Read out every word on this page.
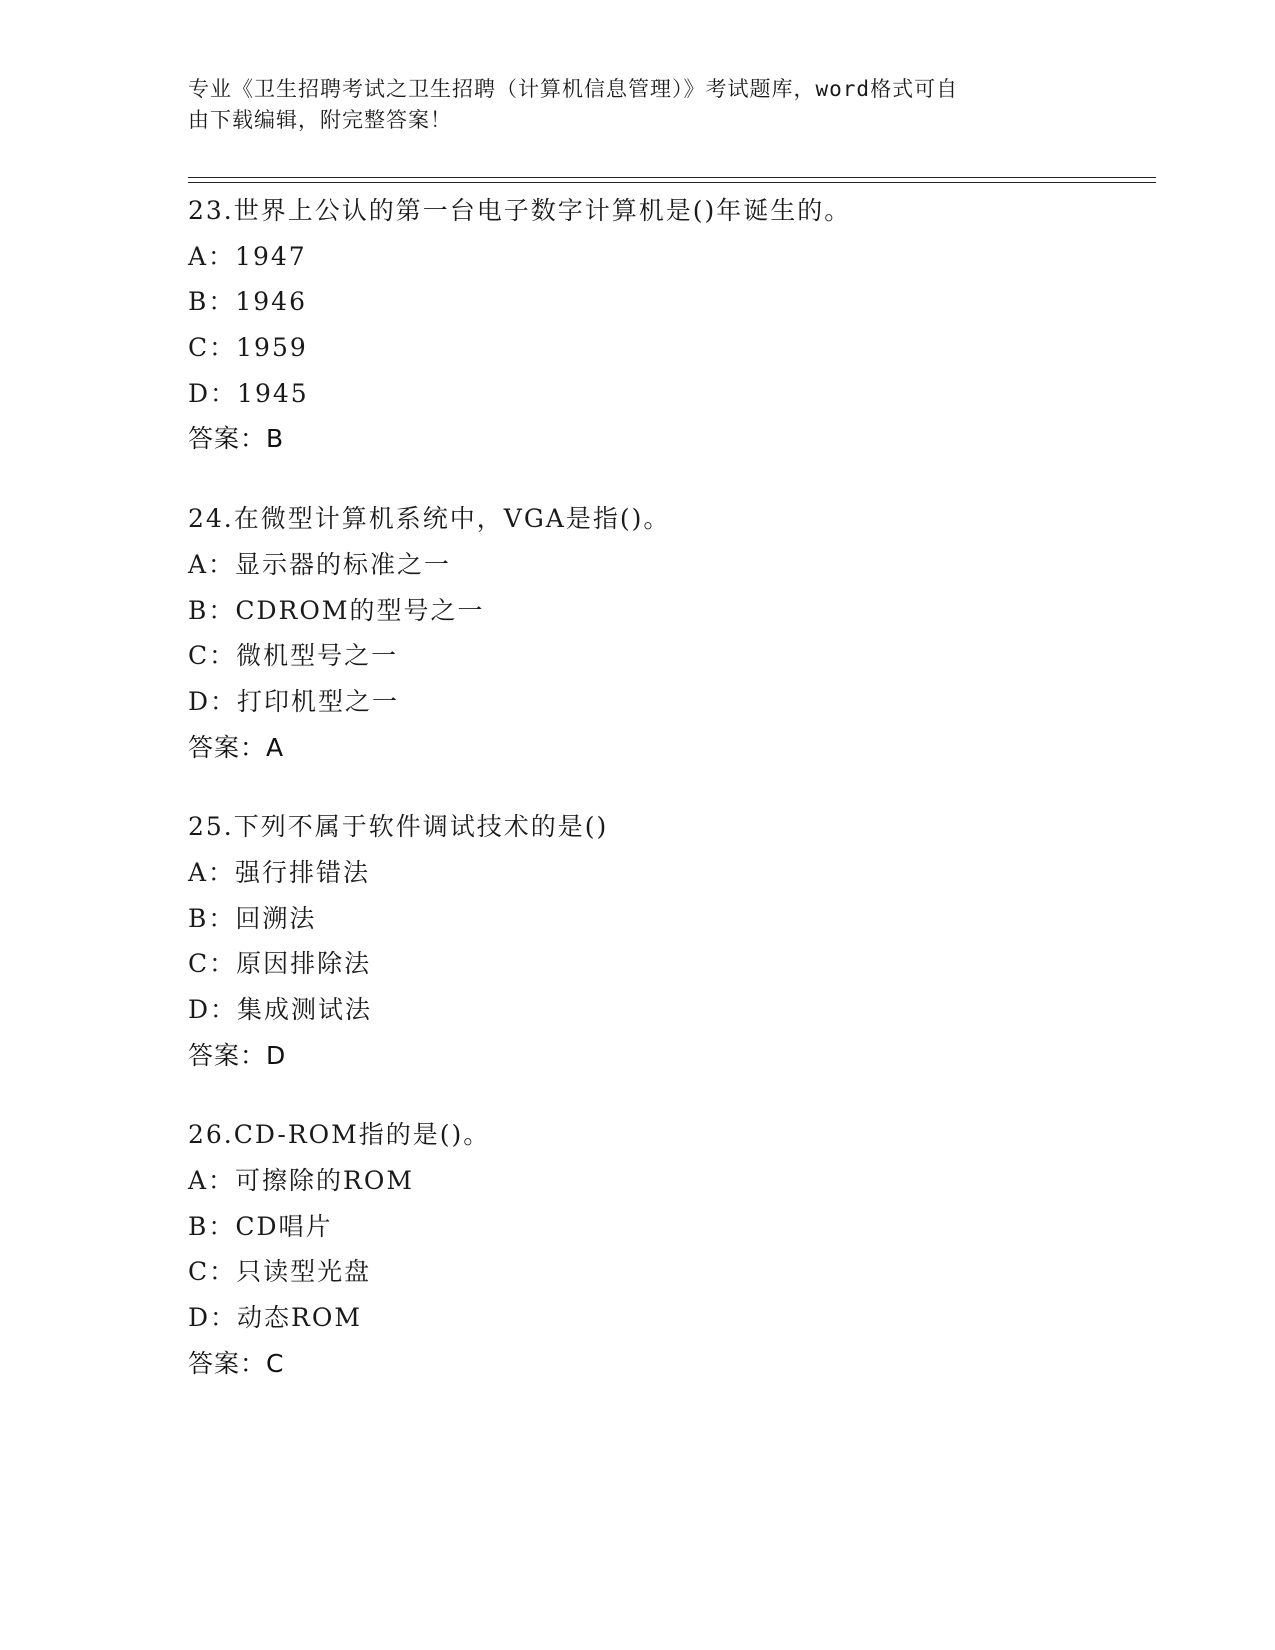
专业《卫生招聘考试之卫生招聘（计算机信息管理）》考试题库，word格式可自
由下载编辑，附完整答案！
23.世界上公认的第一台电子数字计算机是()年诞生的。
A：1947
B：1946
C：1959
D：1945
答案：B
24.在微型计算机系统中，VGA是指()。
A：显示器的标准之一
B：CDROM的型号之一
C：微机型号之一
D：打印机型之一
答案：A
25.下列不属于软件调试技术的是()
A：强行排错法
B：回溯法
C：原因排除法
D：集成测试法
答案：D
26.CD-ROM指的是()。
A：可擦除的ROM
B：CD唱片
C：只读型光盘
D：动态ROM
答案：C
